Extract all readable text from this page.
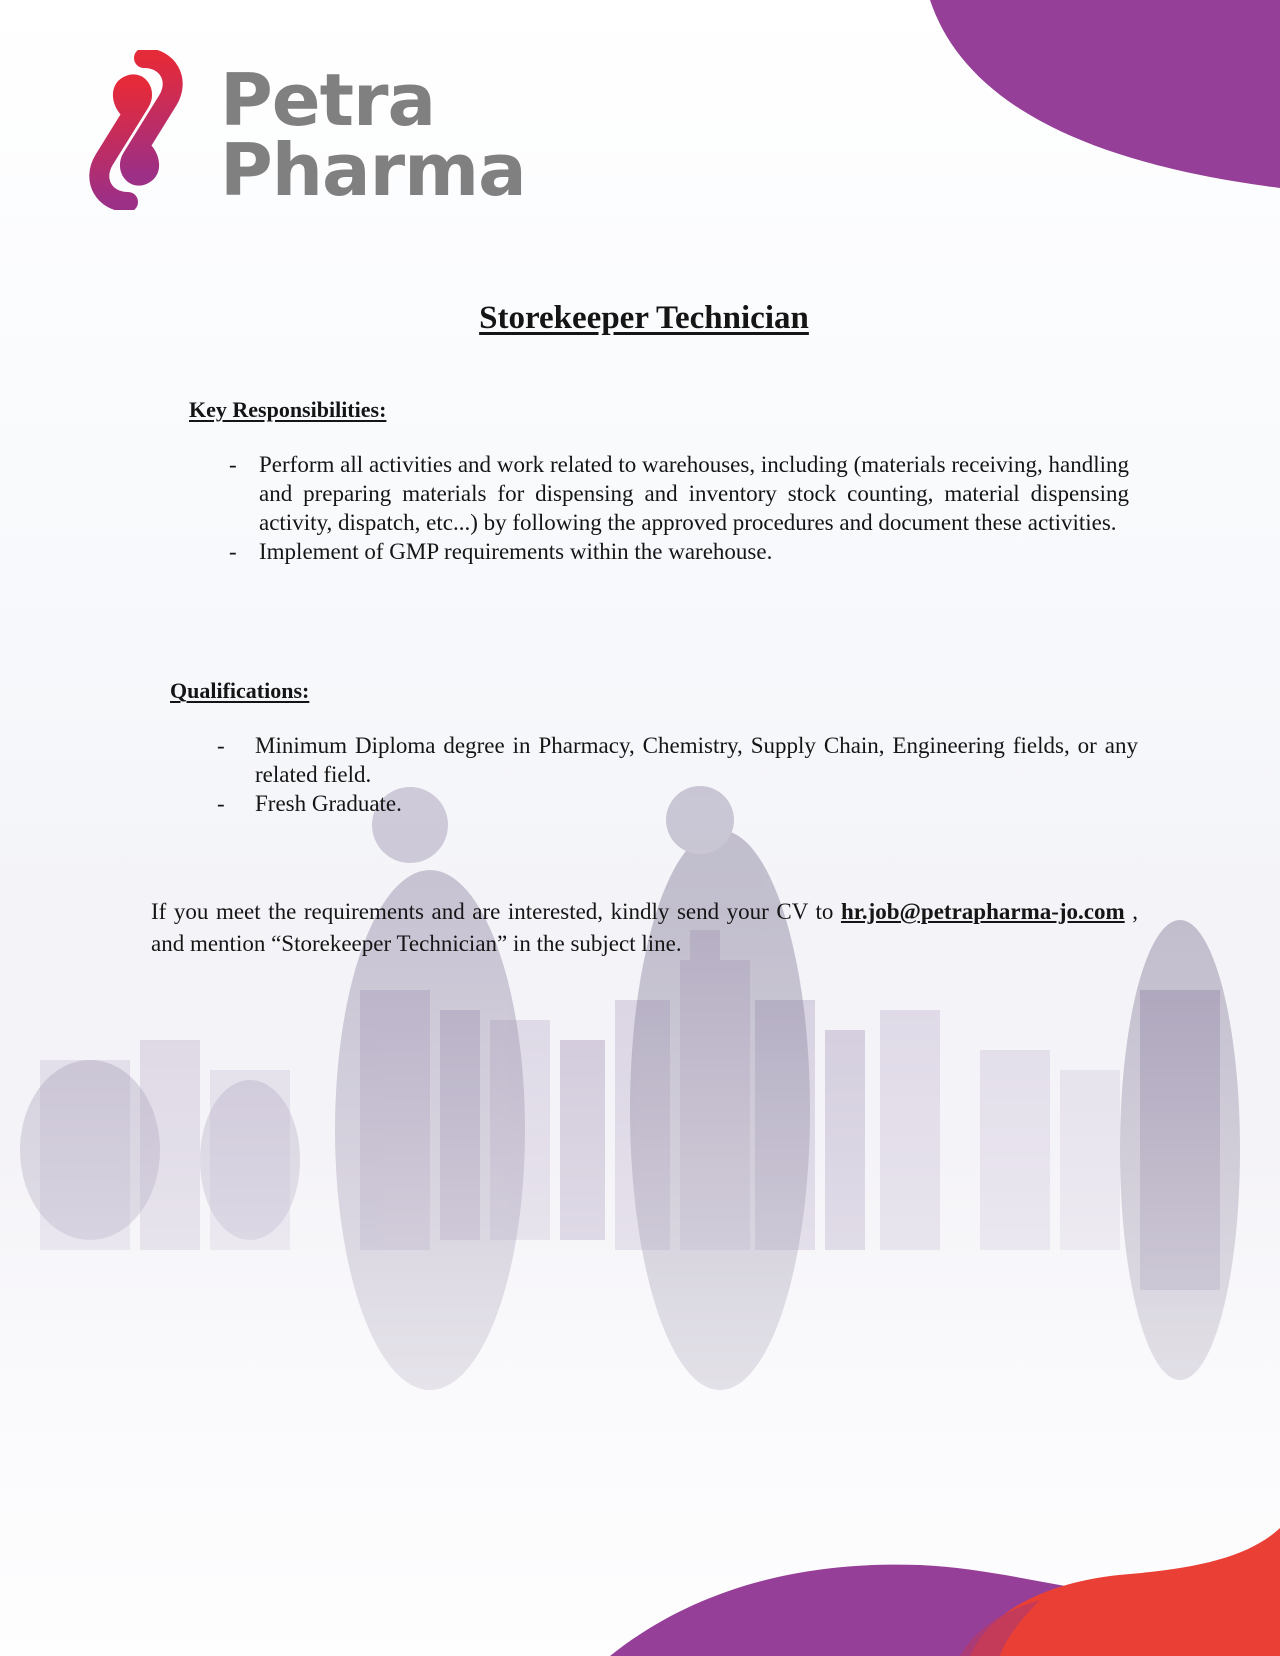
Petra
Pharma
Storekeeper Technician
Key Responsibilities:
- Perform all activities and work related to warehouses, including (materials receiving, handling and preparing materials for dispensing and inventory stock counting, material dispensing activity, dispatch, etc...) by following the approved procedures and document these activities.
- Implement of GMP requirements within the warehouse.
Qualifications:
- Minimum Diploma degree in Pharmacy, Chemistry, Supply Chain, Engineering fields, or any related field.
- Fresh Graduate.

If you meet the requirements and are interested, kindly send your CV to hr.job@petrapharma-jo.com , and mention “Storekeeper Technician” in the subject line.
